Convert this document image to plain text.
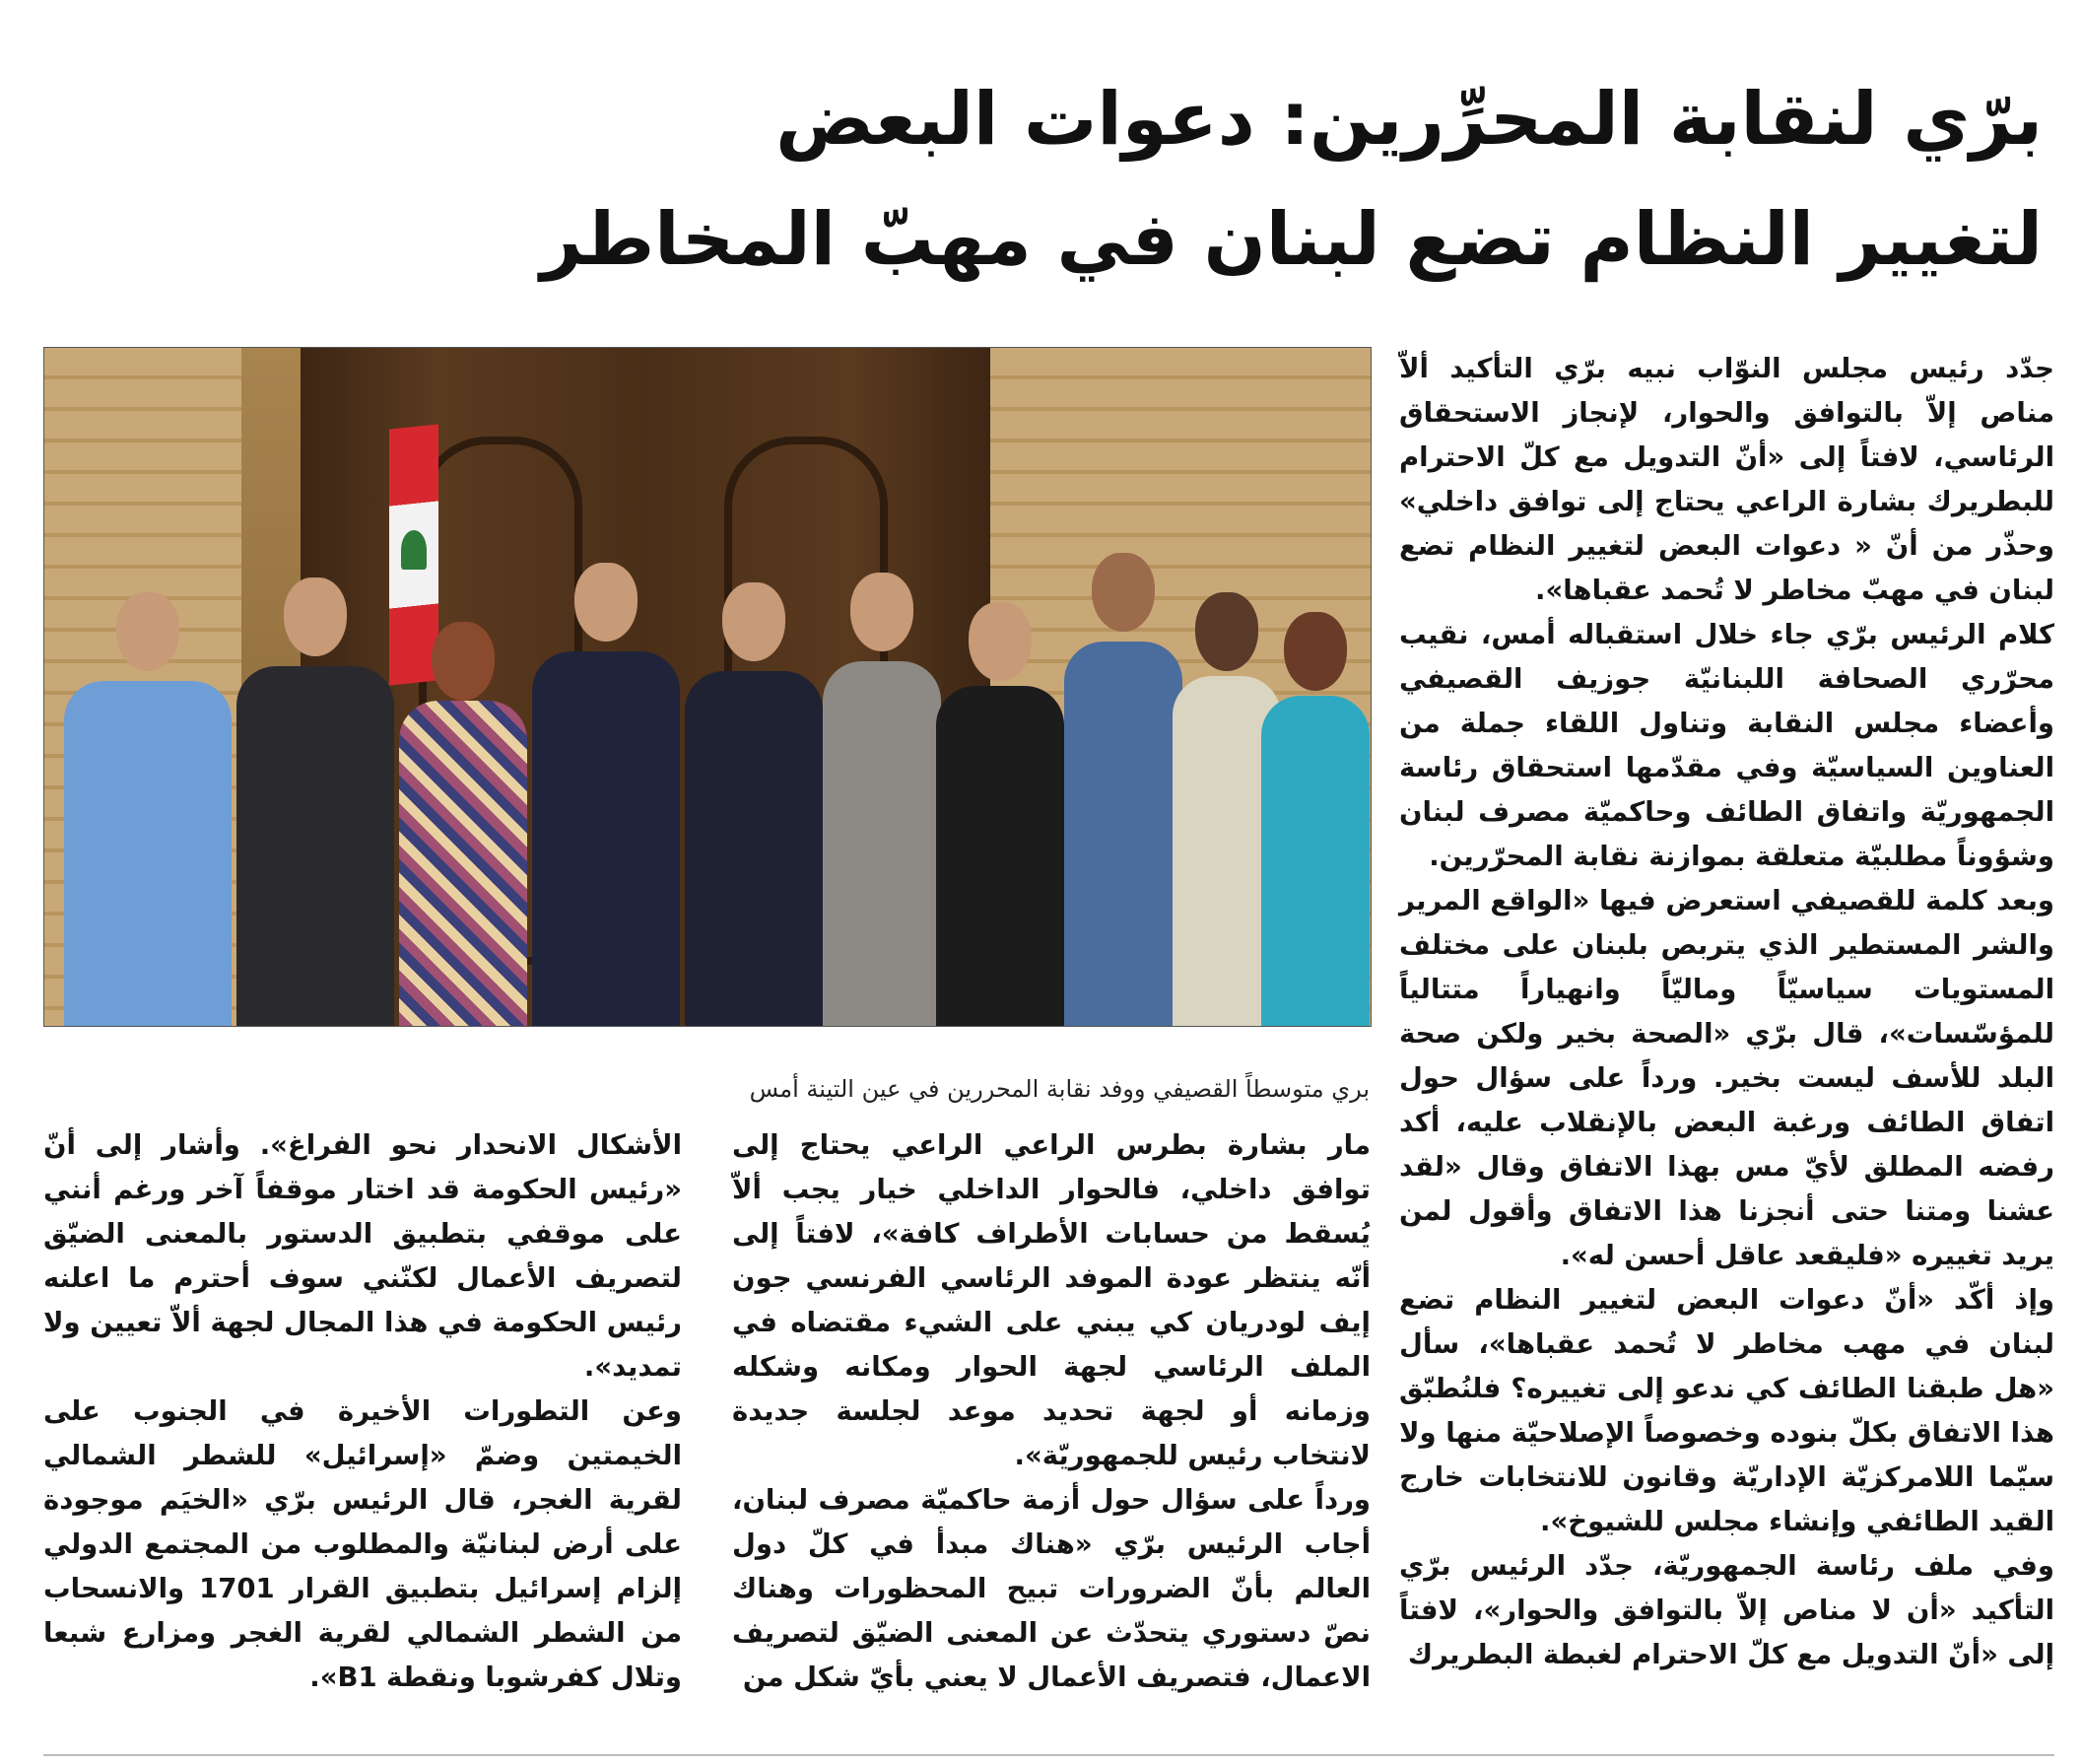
برّي لنقابة المحرِّرين: دعوات البعض
لتغيير النظام تضع لبنان في مهبّ المخاطر
بري متوسطاً القصيفي ووفد نقابة المحررين في عين التينة أمس

جدّد رئيس مجلس النوّاب نبيه برّي التأكيد ألاّ مناص إلاّ بالتوافق والحوار، لإنجاز الاستحقاق الرئاسي، لافتاً إلى «أنّ التدويل مع كلّ الاحترام للبطريرك بشارة الراعي يحتاج إلى توافق داخلي» وحذّر من أنّ « دعوات البعض لتغيير النظام تضع لبنان في مهبّ مخاطر لا تُحمد عقباها».

كلام الرئيس برّي جاء خلال استقباله أمس، نقيب محرّري الصحافة اللبنانيّة جوزيف القصيفي وأعضاء مجلس النقابة وتناول اللقاء جملة من العناوين السياسيّة وفي مقدّمها استحقاق رئاسة الجمهوريّة واتفاق الطائف وحاكميّة مصرف لبنان وشؤوناً مطلبيّة متعلقة بموازنة نقابة المحرّرين.

وبعد كلمة للقصيفي استعرض فيها «الواقع المرير والشر المستطير الذي يتربص بلبنان على مختلف المستويات سياسيّاً وماليّاً وانهياراً متتالياً للمؤسّسات»، قال برّي «الصحة بخير ولكن صحة البلد للأسف ليست بخير. ورداً على سؤال حول اتفاق الطائف ورغبة البعض بالإنقلاب عليه، أكد رفضه المطلق لأيّ مس بهذا الاتفاق وقال «لقد عشنا ومتنا حتى أنجزنا هذا الاتفاق وأقول لمن يريد تغييره «فليقعد عاقل أحسن له».

وإذ أكّد «أنّ دعوات البعض لتغيير النظام تضع لبنان في مهب مخاطر لا تُحمد عقباها»، سأل «هل طبقنا الطائف كي ندعو إلى تغييره؟ فلنُطبّق هذا الاتفاق بكلّ بنوده وخصوصاً الإصلاحيّة منها ولا سيّما اللامركزيّة الإداريّة وقانون للانتخابات خارج القيد الطائفي وإنشاء مجلس للشيوخ».

وفي ملف رئاسة الجمهوريّة، جدّد الرئيس برّي التأكيد «أن لا مناص إلاّ بالتوافق والحوار»، لافتاً إلى «أنّ التدويل مع كلّ الاحترام لغبطة البطريرك

مار بشارة بطرس الراعي الراعي يحتاج إلى توافق داخلي، فالحوار الداخلي خيار يجب ألاّ يُسقط من حسابات الأطراف كافة»، لافتاً إلى أنّه ينتظر عودة الموفد الرئاسي الفرنسي جون إيف لودريان كي يبني على الشيء مقتضاه في الملف الرئاسي لجهة الحوار ومكانه وشكله وزمانه أو لجهة تحديد موعد لجلسة جديدة لانتخاب رئيس للجمهوريّة».

ورداً على سؤال حول أزمة حاكميّة مصرف لبنان، أجاب الرئيس برّي «هناك مبدأ في كلّ دول العالم بأنّ الضرورات تبيح المحظورات وهناك نصّ دستوري يتحدّث عن المعنى الضيّق لتصريف الاعمال، فتصريف الأعمال لا يعني بأيّ شكل من

الأشكال الانحدار نحو الفراغ». وأشار إلى أنّ «رئيس الحكومة قد اختار موقفاً آخر ورغم أنني على موقفي بتطبيق الدستور بالمعنى الضيّق لتصريف الأعمال لكنّني سوف أحترم ما اعلنه رئيس الحكومة في هذا المجال لجهة ألاّ تعيين ولا تمديد».

وعن التطورات الأخيرة في الجنوب على الخيمتين وضمّ «إسرائيل» للشطر الشمالي لقرية الغجر، قال الرئيس برّي «الخيَم موجودة على أرض لبنانيّة والمطلوب من المجتمع الدولي إلزام إسرائيل بتطبيق القرار 1701 والانسحاب من الشطر الشمالي لقرية الغجر ومزارع شبعا وتلال كفرشوبا ونقطة B1».
